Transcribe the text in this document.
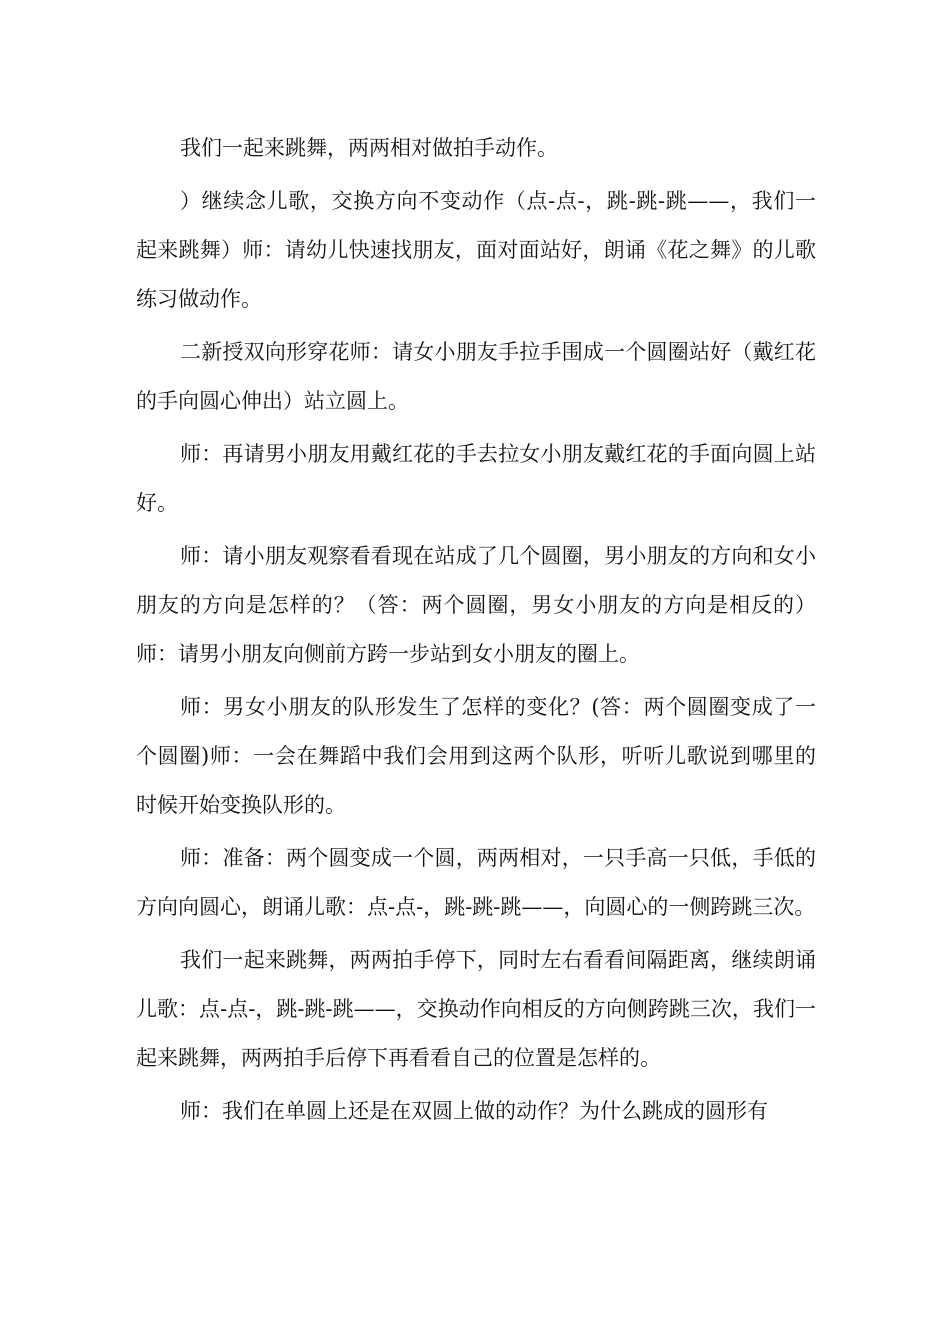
我们一起来跳舞，两两相对做拍手动作。

）继续念儿歌，交换方向不变动作（点-点-，跳-跳-跳——，我们一起来跳舞）师：请幼儿快速找朋友，面对面站好，朗诵《花之舞》的儿歌练习做动作。

二新授双向形穿花师：请女小朋友手拉手围成一个圆圈站好（戴红花的手向圆心伸出）站立圆上。

师：再请男小朋友用戴红花的手去拉女小朋友戴红花的手面向圆上站好。

师：请小朋友观察看看现在站成了几个圆圈，男小朋友的方向和女小朋友的方向是怎样的？（答：两个圆圈，男女小朋友的方向是相反的）师：请男小朋友向侧前方跨一步站到女小朋友的圈上。

师：男女小朋友的队形发生了怎样的变化？(答：两个圆圈变成了一个圆圈)师：一会在舞蹈中我们会用到这两个队形，听听儿歌说到哪里的时候开始变换队形的。

师：准备：两个圆变成一个圆，两两相对，一只手高一只低，手低的方向向圆心，朗诵儿歌：点-点-，跳-跳-跳——，向圆心的一侧跨跳三次。

我们一起来跳舞，两两拍手停下，同时左右看看间隔距离，继续朗诵儿歌：点-点-，跳-跳-跳——，交换动作向相反的方向侧跨跳三次，我们一起来跳舞，两两拍手后停下再看看自己的位置是怎样的。

师：我们在单圆上还是在双圆上做的动作？为什么跳成的圆形有
